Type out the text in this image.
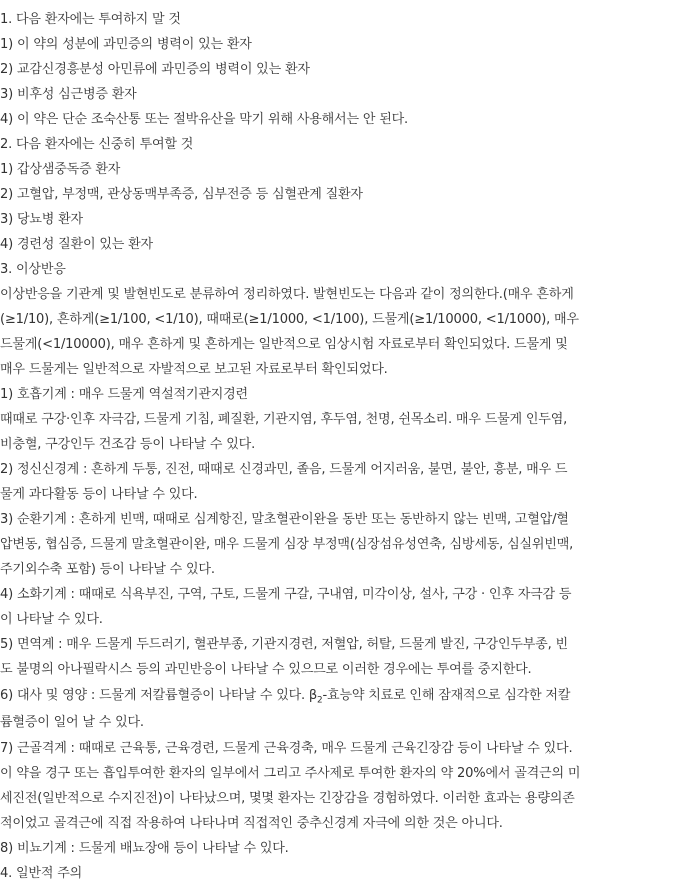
1. 다음 환자에는 투여하지 말 것
1) 이 약의 성분에 과민증의 병력이 있는 환자
2) 교감신경흥분성 아민류에 과민증의 병력이 있는 환자
3) 비후성 심근병증 환자
4) 이 약은 단순 조숙산통 또는 절박유산을 막기 위해 사용해서는 안 된다.
2. 다음 환자에는 신중히 투여할 것
1) 갑상샘중독증 환자
2) 고혈압, 부정맥, 관상동맥부족증, 심부전증 등 심혈관계 질환자
3) 당뇨병 환자
4) 경련성 질환이 있는 환자
3. 이상반응
이상반응을 기관계 및 발현빈도로 분류하여 정리하였다. 발현빈도는 다음과 같이 정의한다.(매우 흔하게
(≥1/10), 흔하게(≥1/100, <1/10), 때때로(≥1/1000, <1/100), 드물게(≥1/10000, <1/1000), 매우
드물게(<1/10000), 매우 흔하게 및 흔하게는 일반적으로 임상시험 자료로부터 확인되었다. 드물게 및
매우 드물게는 일반적으로 자발적으로 보고된 자료로부터 확인되었다.
1) 호흡기계 : 매우 드물게 역설적기관지경련
때때로 구강·인후 자극감, 드물게 기침, 폐질환, 기관지염, 후두염, 천명, 쉰목소리. 매우 드물게 인두염,
비충혈, 구강인두 건조감 등이 나타날 수 있다.
2) 정신신경계 : 흔하게 두통, 진전, 때때로 신경과민, 졸음, 드물게 어지러움, 불면, 불안, 흥분, 매우 드
물게 과다활동 등이 나타날 수 있다.
3) 순환기계 : 흔하게 빈맥, 때때로 심계항진, 말초혈관이완을 동반 또는 동반하지 않는 빈맥, 고혈압/혈
압변동, 협심증, 드물게 말초혈관이완, 매우 드물게 심장 부정맥(심장섬유성연축, 심방세동, 심실위빈맥,
주기외수축 포함) 등이 나타날 수 있다.
4) 소화기계 : 때때로 식욕부진, 구역, 구토, 드물게 구갈, 구내염, 미각이상, 설사, 구강 · 인후 자극감 등
이 나타날 수 있다.
5) 면역계 : 매우 드물게 두드러기, 혈관부종, 기관지경련, 저혈압, 허탈, 드물게 발진, 구강인두부종, 빈
도 불명의 아나필락시스 등의 과민반응이 나타날 수 있으므로 이러한 경우에는 투여를 중지한다.
6) 대사 및 영양 : 드물게 저칼륨혈증이 나타날 수 있다. $\beta_2-$효능약 치료로 인해 잠재적으로 심각한 저칼
륨혈증이 일어 날 수 있다.
7) 근골격계 : 때때로 근육통, 근육경련, 드물게 근육경축, 매우 드물게 근육긴장감 등이 나타날 수 있다.
이 약을 경구 또는 흡입투여한 환자의 일부에서 그리고 주사제로 투여한 환자의 약 20%에서 골격근의 미
세진전(일반적으로 수지진전)이 나타났으며, 몇몇 환자는 긴장감을 경험하였다. 이러한 효과는 용량의존
적이었고 골격근에 직접 작용하여 나타나며 직접적인 중추신경계 자극에 의한 것은 아니다.
8) 비뇨기계 : 드물게 배뇨장애 등이 나타날 수 있다.
4. 일반적 주의
